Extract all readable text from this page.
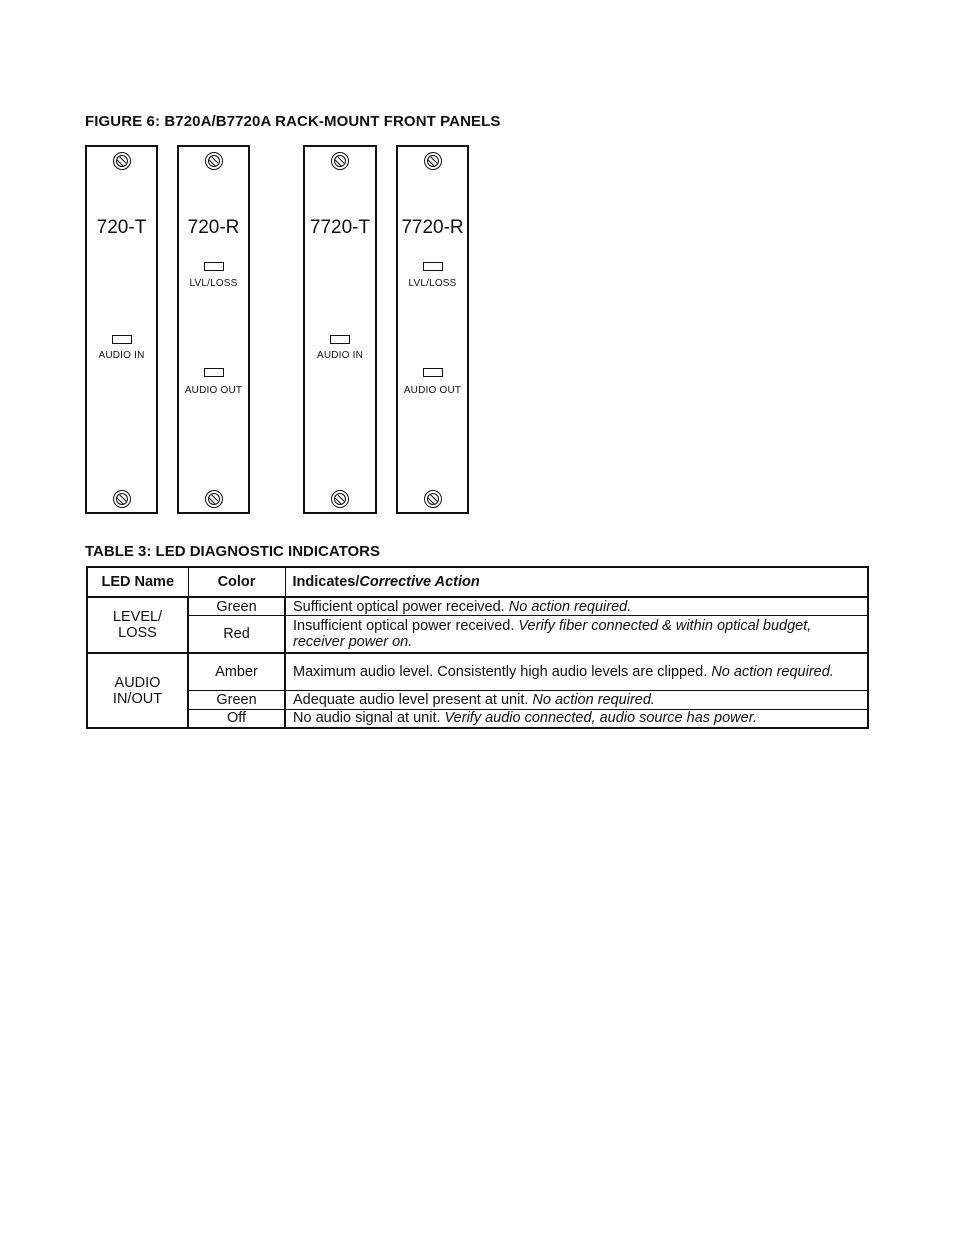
FIGURE 6: B720A/B7720A RACK-MOUNT FRONT PANELS
720-T
AUDIO IN
720-R
LVL/LOSS
AUDIO OUT
7720-T
AUDIO IN
7720-R
LVL/LOSS
AUDIO OUT
TABLE 3: LED DIAGNOSTIC INDICATORS
LED Name	Color	Indicates/Corrective Action

LEVEL/
LOSS	Green	Sufficient optical power received. No action required.
	Red	Insufficient optical power received. Verify fiber connected & within optical budget, receiver power on.

AUDIO
IN/OUT	Amber	Maximum audio level. Consistently high audio levels are clipped. No action required.
	Green	Adequate audio level present at unit. No action required.
	Off	No audio signal at unit. Verify audio connected, audio source has power.
